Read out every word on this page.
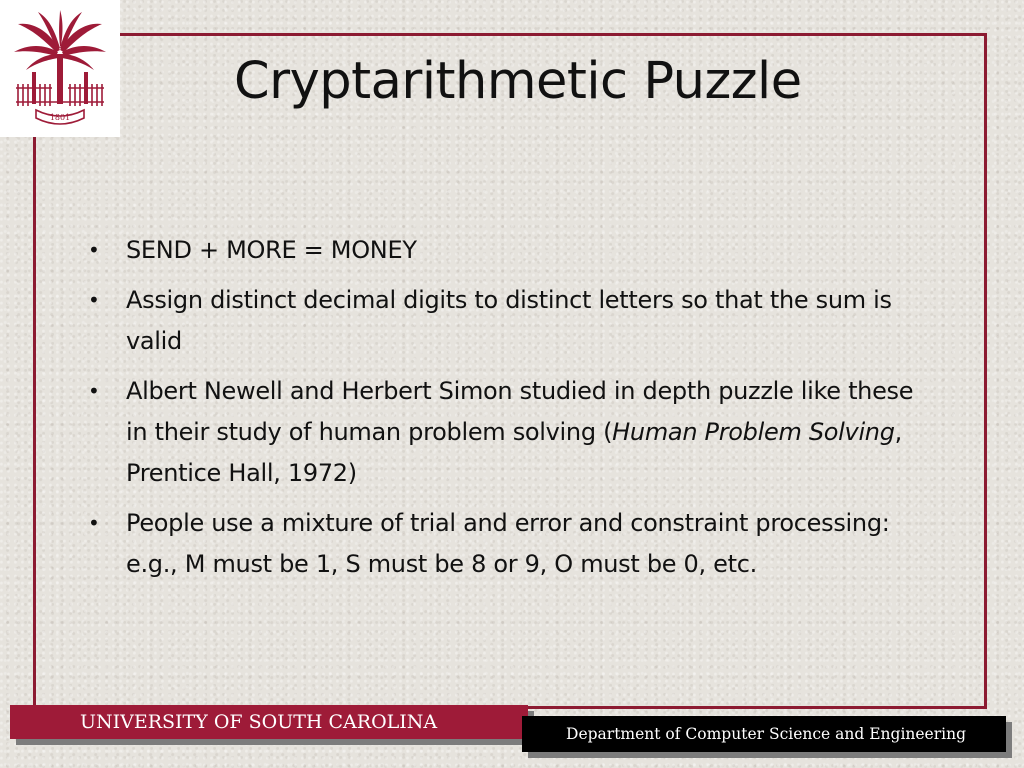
1801
Cryptarithmetic Puzzle
• SEND + MORE = MONEY
• Assign distinct decimal digits to distinct letters so that the sum is valid
• Albert Newell and Herbert Simon studied in depth puzzle like these in their study of human problem solving (Human Problem Solving, Prentice Hall, 1972)
• People use a mixture of trial and error and constraint processing: e.g., M must be 1, S must be 8 or 9, O must be 0, etc.
UNIVERSITY OF SOUTH CAROLINA
Department of Computer Science and Engineering
